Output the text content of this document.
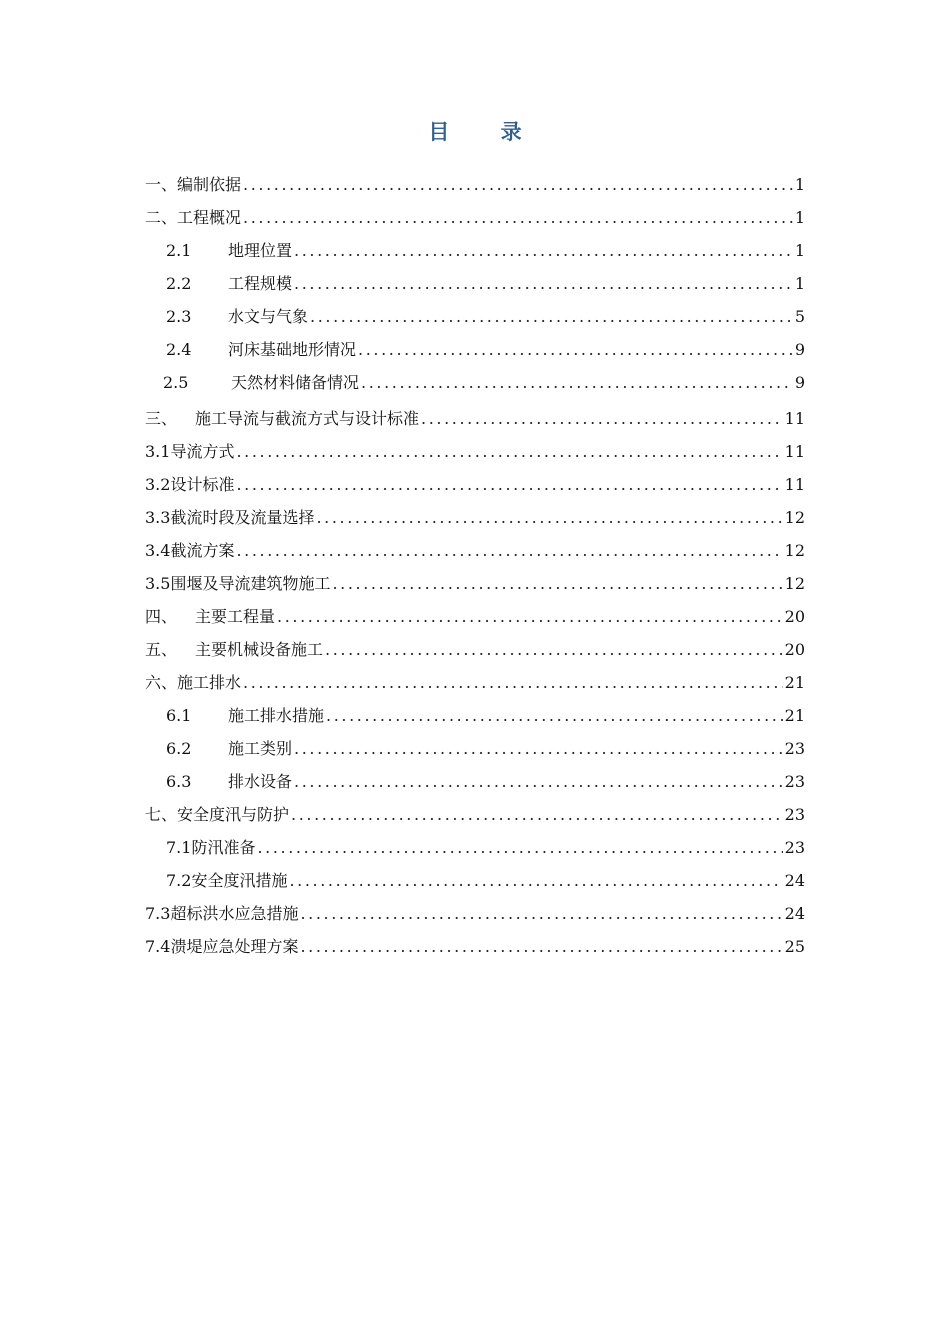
目 录
一、编制依据 .....	1
二、工程概况 .....	1
2.1	地理位置 .....	1
2.2	工程规模 .....	1
2.3	水文与气象 .....	5
2.4	河床基础地形情况 .....	9
2.5	天然材料储备情况 .....	9
三、	施工导流与截流方式与设计标准 .....	11
3.1导流方式 .....	11
3.2设计标准 .....	11
3.3截流时段及流量选择 .....	12
3.4截流方案 .....	12
3.5围堰及导流建筑物施工 .....	12
四、	主要工程量 .....	20
五、	主要机械设备施工 .....	20
六、施工排水 .....	21
6.1	施工排水措施 .....	21
6.2	施工类别 .....	23
6.3	排水设备 .....	23
七、安全度汛与防护 .....	23
7.1防汛准备 .....	23
7.2安全度汛措施 .....	24
7.3超标洪水应急措施 .....	24
7.4溃堤应急处理方案 .....	25
